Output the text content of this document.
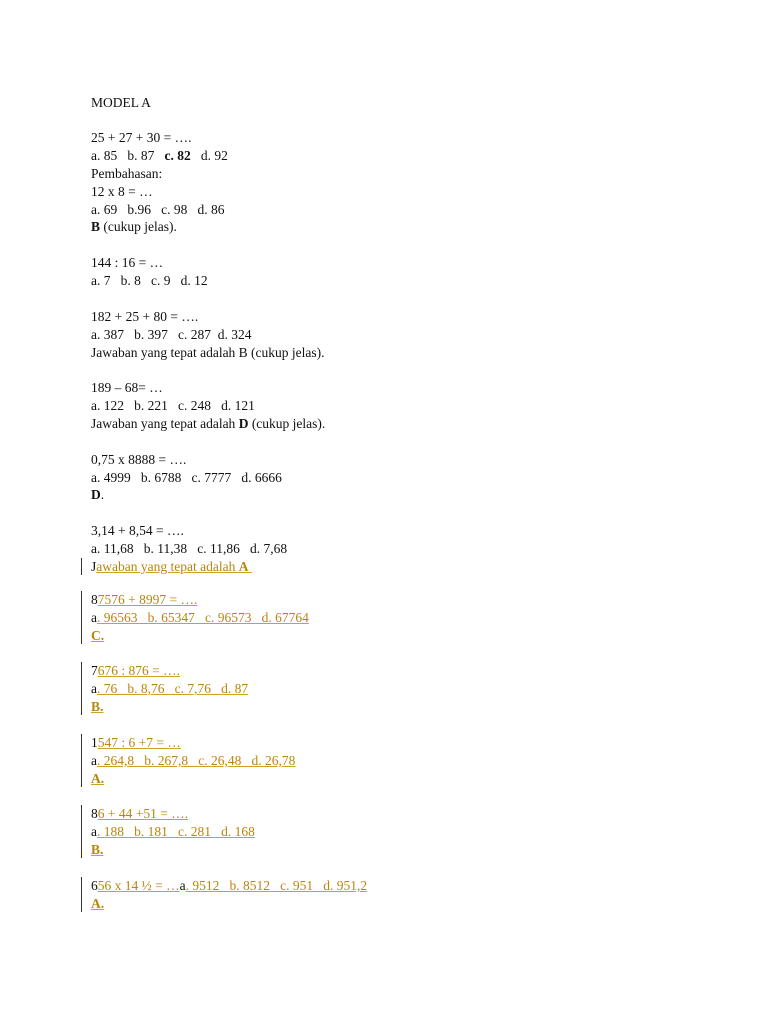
MODEL A
25 + 27 + 30 = ….
a. 85   b. 87   c. 82   d. 92
Pembahasan:
12 x 8 = …
a. 69   b.96   c. 98   d. 86
B (cukup jelas).
144 : 16 = …
a. 7   b. 8   c. 9   d. 12
182 + 25 + 80 = ….
a. 387   b. 397   c. 287  d. 324
Jawaban yang tepat adalah B (cukup jelas).
189 – 68= …
a. 122   b. 221   c. 248   d. 121
Jawaban yang tepat adalah D (cukup jelas).
0,75 x 8888 = ….
a. 4999   b. 6788   c. 7777   d. 6666
D.
3,14 + 8,54 = ….
a. 11,68   b. 11,38   c. 11,86   d. 7,68
Jawaban yang tepat adalah A
87576 + 8997 = ….
a. 96563   b. 65347   c. 96573   d. 67764
C.
7676 : 876 = ….
a. 76   b. 8,76   c. 7,76   d. 87
B.
1547 : 6 +7 = …
a. 264,8   b. 267,8   c. 26,48   d. 26,78
A.
86 + 44 +51 = ….
a. 188   b. 181   c. 281   d. 168
B.
656 x 14 ½ = …a. 9512   b. 8512   c. 951   d. 951,2
A.
